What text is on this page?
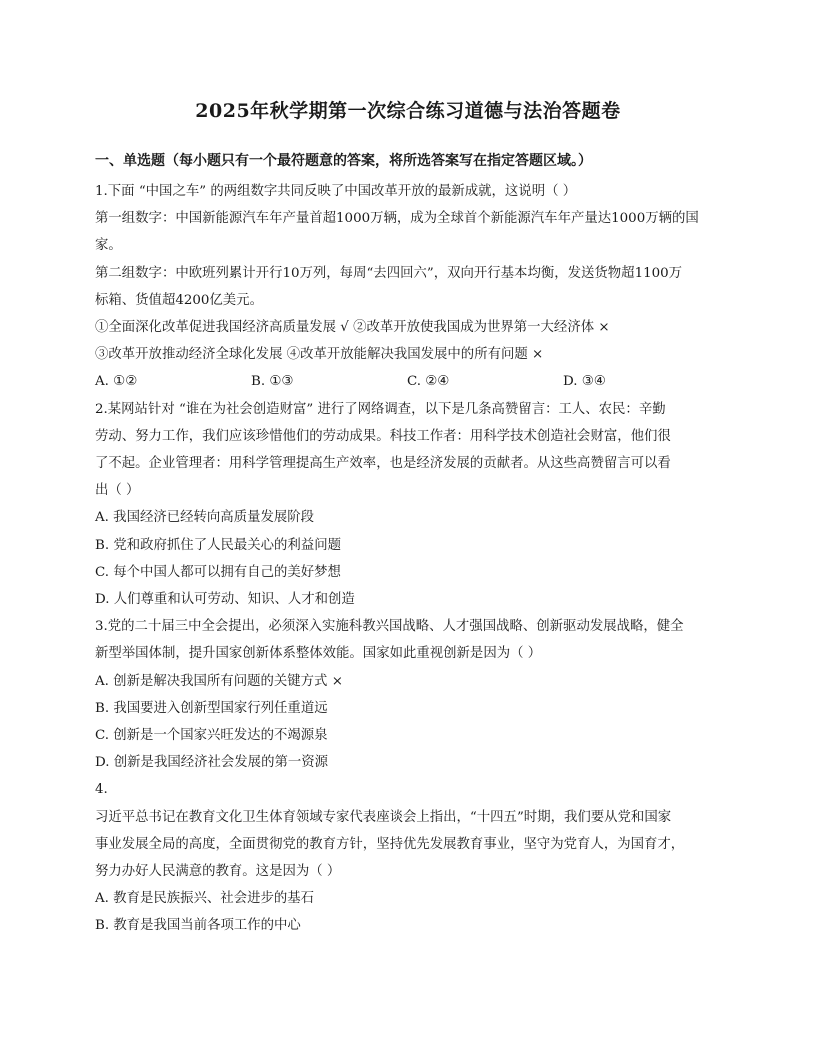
2025年秋学期第一次综合练习道德与法治答题卷
一、单选题（每小题只有一个最符题意的答案，将所选答案写在指定答题区域。）

1.下面 “中国之车” 的两组数字共同反映了中国改革开放的最新成就，这说明（ ）

第一组数字：中国新能源汽车年产量首超1000万辆，成为全球首个新能源汽车年产量达1000万辆的国

家。

第二组数字：中欧班列累计开行10万列，每周“去四回六”，双向开行基本均衡，发送货物超1100万

标箱、货值超4200亿美元。

①全面深化改革促进我国经济高质量发展 √ ②改革开放使我国成为世界第一大经济体 ×

③改革开放推动经济全球化发展 ④改革开放能解决我国发展中的所有问题 ×

A. ①②	B. ①③	C. ②④	D. ③④

2.某网站针对 “谁在为社会创造财富” 进行了网络调查，以下是几条高赞留言：工人、农民：辛勤

劳动、努力工作，我们应该珍惜他们的劳动成果。科技工作者：用科学技术创造社会财富，他们很

了不起。企业管理者：用科学管理提高生产效率，也是经济发展的贡献者。从这些高赞留言可以看

出（ ）

A. 我国经济已经转向高质量发展阶段

B. 党和政府抓住了人民最关心的利益问题

C. 每个中国人都可以拥有自己的美好梦想

D. 人们尊重和认可劳动、知识、人才和创造

3.党的二十届三中全会提出，必须深入实施科教兴国战略、人才强国战略、创新驱动发展战略，健全

新型举国体制，提升国家创新体系整体效能。国家如此重视创新是因为（ ）

A. 创新是解决我国所有问题的关键方式 ×

B. 我国要进入创新型国家行列任重道远

C. 创新是一个国家兴旺发达的不竭源泉

D. 创新是我国经济社会发展的第一资源

4.

习近平总书记在教育文化卫生体育领域专家代表座谈会上指出，“十四五”时期，我们要从党和国家

事业发展全局的高度，全面贯彻党的教育方针，坚持优先发展教育事业，坚守为党育人，为国育才，

努力办好人民满意的教育。这是因为（ ）

A. 教育是民族振兴、社会进步的基石

B. 教育是我国当前各项工作的中心
